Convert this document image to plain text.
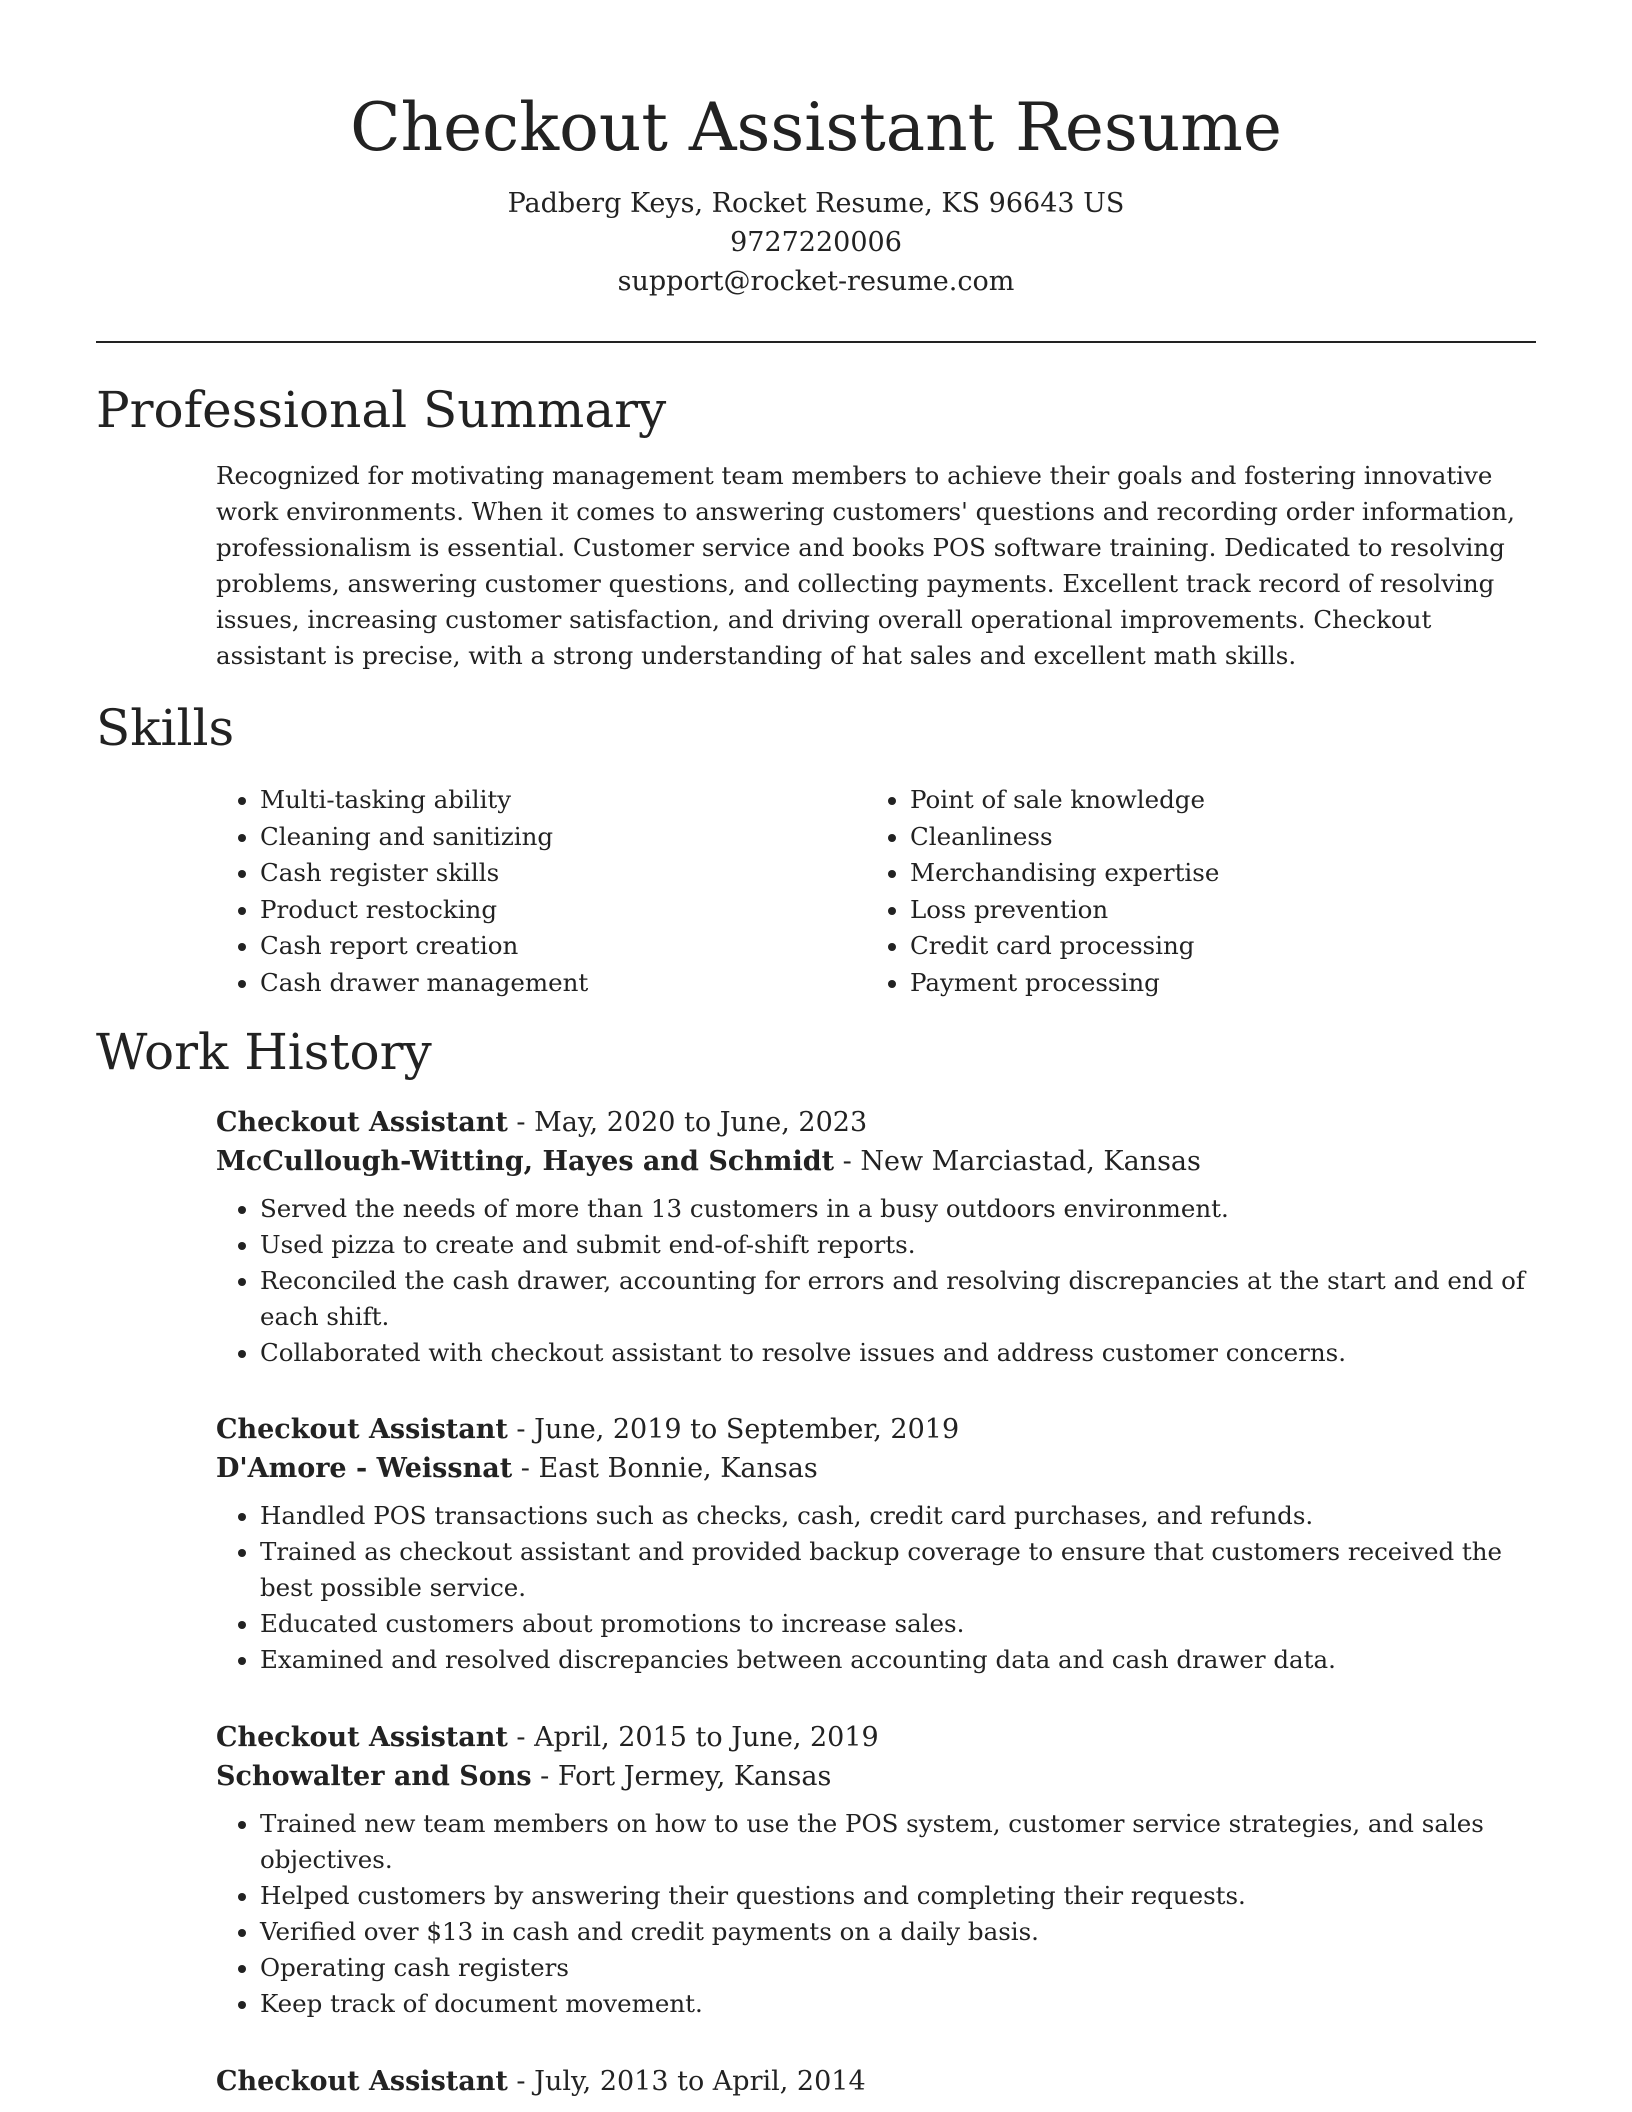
Checkout Assistant Resume

Padberg Keys, Rocket Resume, KS 96643 US

9727220006

support@rocket-resume.com

Professional Summary

Recognized for motivating management team members to achieve their goals and fostering innovative work environments. When it comes to answering customers' questions and recording order information, professionalism is essential. Customer service and books POS software training. Dedicated to resolving problems, answering customer questions, and collecting payments. Excellent track record of resolving issues, increasing customer satisfaction, and driving overall operational improvements. Checkout assistant is precise, with a strong understanding of hat sales and excellent math skills.

Skills
• Multi-tasking ability
• Cleaning and sanitizing
• Cash register skills
• Product restocking
• Cash report creation
• Cash drawer management
• Point of sale knowledge
• Cleanliness
• Merchandising expertise
• Loss prevention
• Credit card processing
• Payment processing
Work History

Checkout Assistant - May, 2020 to June, 2023

McCullough-Witting, Hayes and Schmidt - New Marciastad, Kansas

• Served the needs of more than 13 customers in a busy outdoors environment.
• Used pizza to create and submit end-of-shift reports.
• Reconciled the cash drawer, accounting for errors and resolving discrepancies at the start and end of each shift.
• Collaborated with checkout assistant to resolve issues and address customer concerns.

Checkout Assistant - June, 2019 to September, 2019

D'Amore - Weissnat - East Bonnie, Kansas

• Handled POS transactions such as checks, cash, credit card purchases, and refunds.
• Trained as checkout assistant and provided backup coverage to ensure that customers received the best possible service.
• Educated customers about promotions to increase sales.
• Examined and resolved discrepancies between accounting data and cash drawer data.

Checkout Assistant - April, 2015 to June, 2019

Schowalter and Sons - Fort Jermey, Kansas

• Trained new team members on how to use the POS system, customer service strategies, and sales objectives.
• Helped customers by answering their questions and completing their requests.
• Verified over $13 in cash and credit payments on a daily basis.
• Operating cash registers
• Keep track of document movement.

Checkout Assistant - July, 2013 to April, 2014
